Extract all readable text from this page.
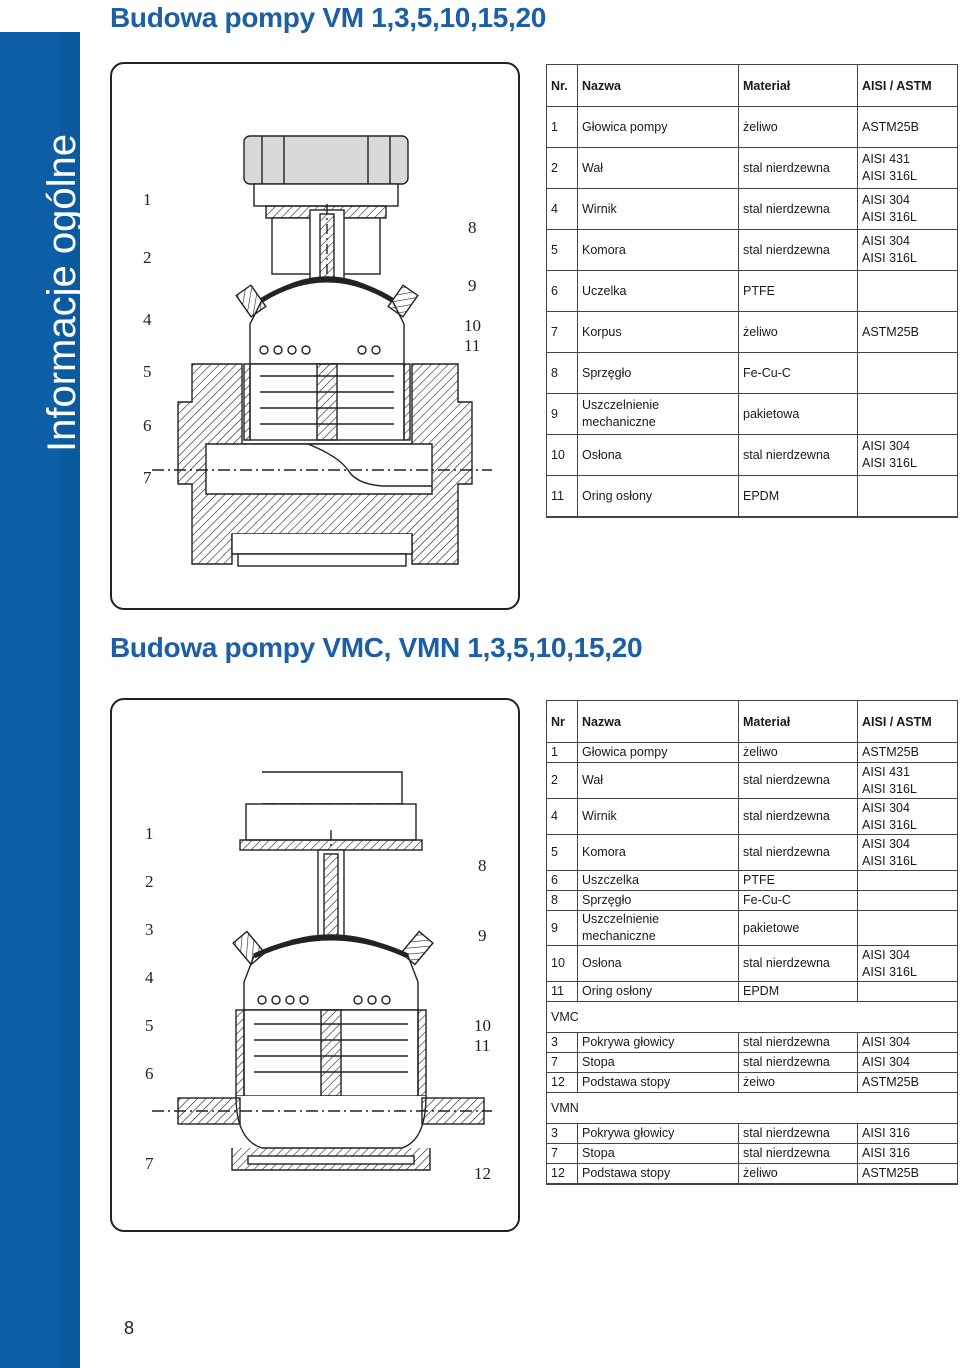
Informacje ogólne
Budowa pompy VM 1,3,5,10,15,20
1
2
4
5
6
7
8
9
10
11
Nr.	Nazwa	Materiał	AISI / ASTM
1	Głowica pompy	żeliwo	ASTM25B
2	Wał	stal nierdzewna	AISI 431
AISI 316L
4	Wirnik	stal nierdzewna	AISI 304
AISI 316L
5	Komora	stal nierdzewna	AISI 304
AISI 316L
6	Uczelka	PTFE	
7	Korpus	żeliwo	ASTM25B
8	Sprzęgło	Fe-Cu-C	
9	Uszczelnienie mechaniczne	pakietowa	
10	Osłona	stal nierdzewna	AISI 304
AISI 316L
11	Oring osłony	EPDM	
Budowa pompy VMC, VMN 1,3,5,10,15,20
1
2
3
4
5
6
7
8
9
10
11
12
Nr	Nazwa	Materiał	AISI / ASTM
1	Głowica pompy	żeliwo	ASTM25B
2	Wał	stal nierdzewna	AISI 431
AISI 316L
4	Wirnik	stal nierdzewna	AISI 304
AISI 316L
5	Komora	stal nierdzewna	AISI 304
AISI 316L
6	Uszczelka	PTFE	
8	Sprzęgło	Fe-Cu-C	
9	Uszczelnienie mechaniczne	pakietowe	
10	Osłona	stal nierdzewna	AISI 304
AISI 316L
11	Oring osłony	EPDM	
VMC			
3	Pokrywa głowicy	stal nierdzewna	AISI 304
7	Stopa	stal nierdzewna	AISI 304
12	Podstawa stopy	żeiwo	ASTM25B
VMN			
3	Pokrywa głowicy	stal nierdzewna	AISI 316
7	Stopa	stal nierdzewna	AISI 316
12	Podstawa stopy	żeliwo	ASTM25B
8
